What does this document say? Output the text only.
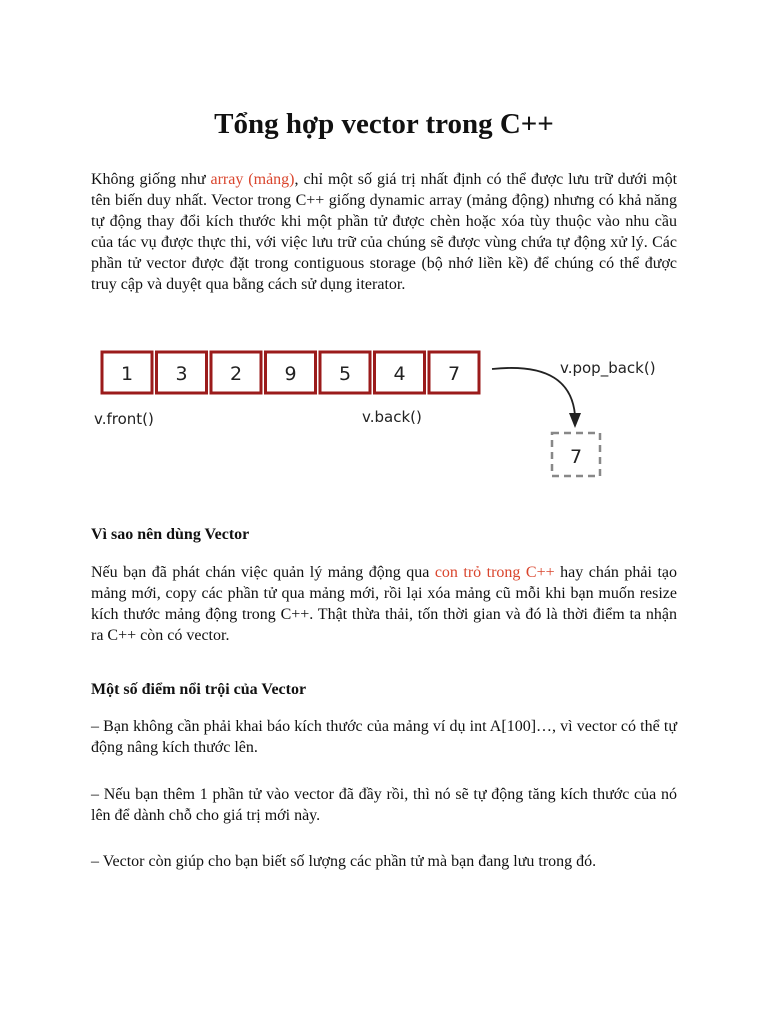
Tổng hợp vector trong C++

Không giống như array (mảng), chỉ một số giá trị nhất định có thể được lưu trữ dưới một tên biến duy nhất. Vector trong C++ giống dynamic array (mảng động) nhưng có khả năng tự động thay đổi kích thước khi một phần tử được chèn hoặc xóa tùy thuộc vào nhu cầu của tác vụ được thực thi, với việc lưu trữ của chúng sẽ được vùng chứa tự động xử lý. Các phần tử vector được đặt trong contiguous storage (bộ nhớ liền kề) để chúng có thể được truy cập và duyệt qua bằng cách sử dụng iterator.

1 3 2 9 5 4 7
v.front()	v.back()
v.pop_back()
7

Vì sao nên dùng Vector

Nếu bạn đã phát chán việc quản lý mảng động qua con trỏ trong C++ hay chán phải tạo mảng mới, copy các phần tử qua mảng mới, rồi lại xóa mảng cũ mỗi khi bạn muốn resize kích thước mảng động trong C++. Thật thừa thải, tốn thời gian và đó là thời điểm ta nhận ra C++ còn có vector.

Một số điểm nổi trội của Vector

– Bạn không cần phải khai báo kích thước của mảng ví dụ int A[100]…, vì vector có thể tự động nâng kích thước lên.

– Nếu bạn thêm 1 phần tử vào vector đã đầy rồi, thì nó sẽ tự động tăng kích thước của nó lên để dành chỗ cho giá trị mới này.

– Vector còn giúp cho bạn biết số lượng các phần tử mà bạn đang lưu trong đó.
